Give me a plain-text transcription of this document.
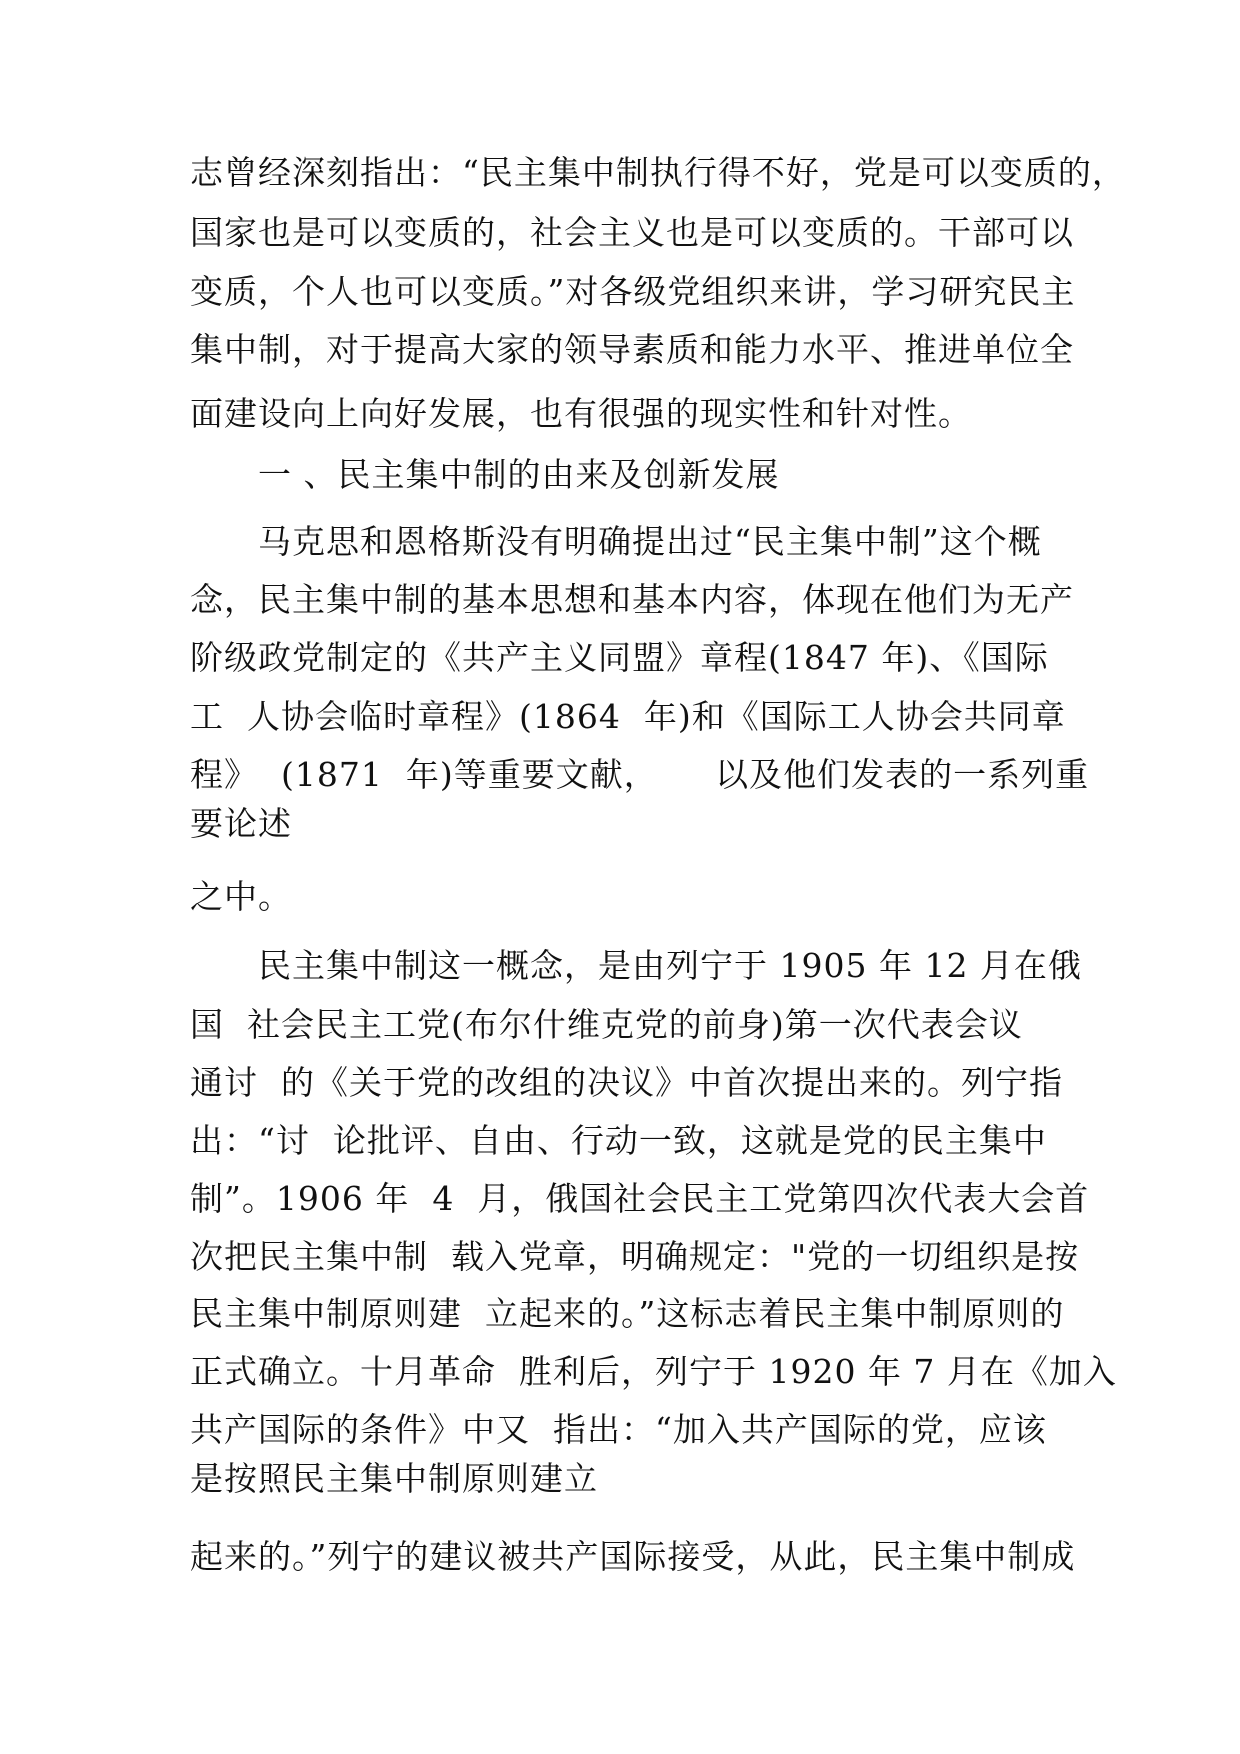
志曾经深刻指出：“民主集中制执行得不好，党是可以变质的，
国家也是可以变质的，社会主义也是可以变质的。干部可以
变质，个人也可以变质。”对各级党组织来讲，学习研究民主
集中制，对于提高大家的领导素质和能力水平、推进单位全
面建设向上向好发展，也有很强的现实性和针对性。
一 、民主集中制的由来及创新发展
马克思和恩格斯没有明确提出过“民主集中制”这个概
念，民主集中制的基本思想和基本内容，体现在他们为无产
阶级政党制定的《共产主义同盟》章程(1847 年)、《国际
工  人协会临时章程》(1864  年)和《国际工人协会共同章
程》  (1871  年)等重要文献，     以及他们发表的一系列重
要论述
之中。
民主集中制这一概念，是由列宁于 1905 年 12 月在俄
国  社会民主工党(布尔什维克党的前身)第一次代表会议
通讨  的《关于党的改组的决议》中首次提出来的。列宁指
出：“讨  论批评、自由、行动一致，这就是党的民主集中
制”。1906 年  4  月，俄国社会民主工党第四次代表大会首
次把民主集中制  载入党章，明确规定："党的一切组织是按
民主集中制原则建  立起来的。”这标志着民主集中制原则的
正式确立。十月革命  胜利后，列宁于 1920 年 7 月在《加入
共产国际的条件》中又  指出：“加入共产国际的党，应该
是按照民主集中制原则建立
起来的。”列宁的建议被共产国际接受，从此，民主集中制成
